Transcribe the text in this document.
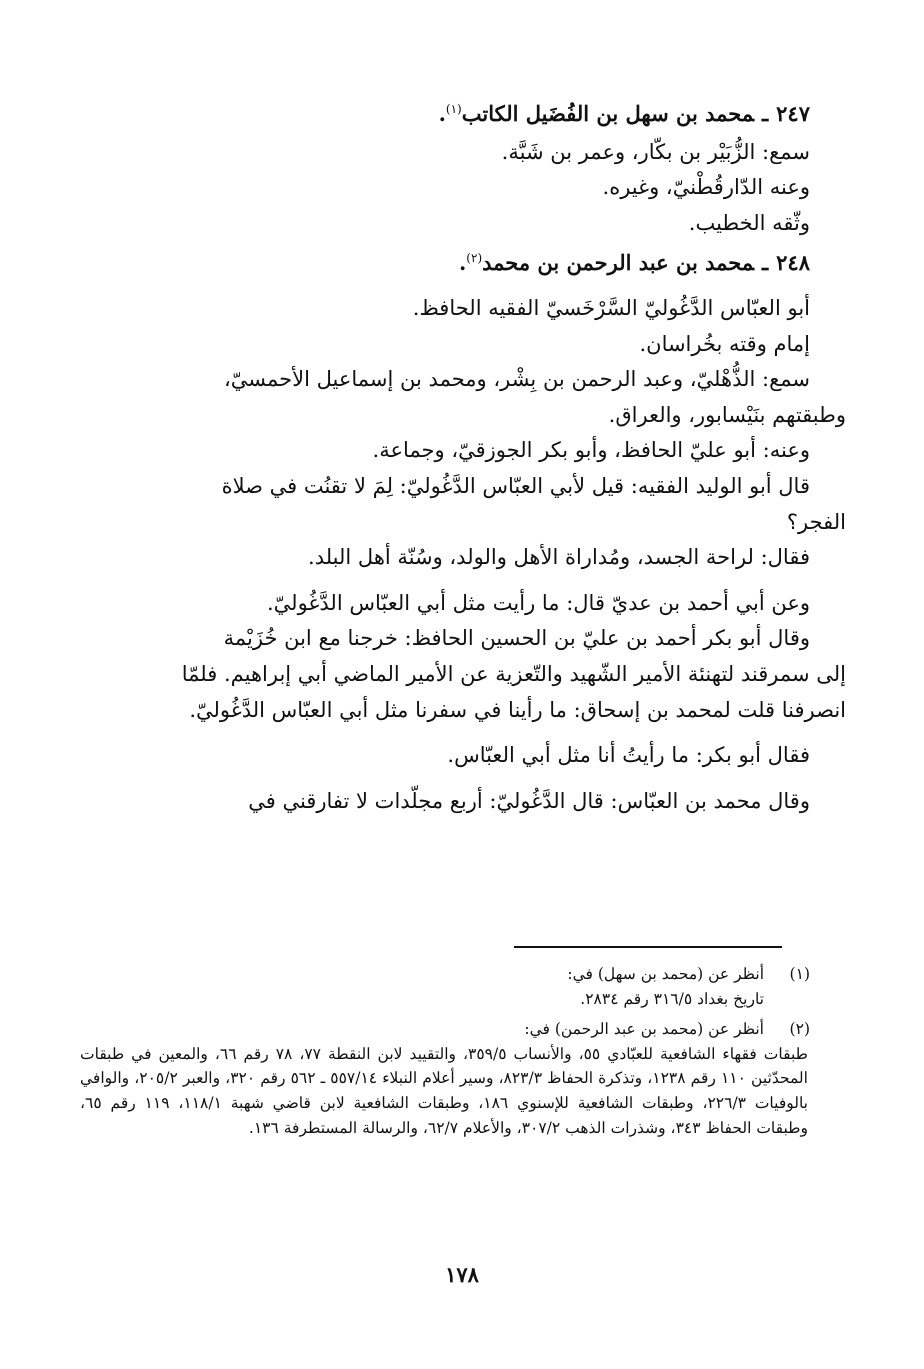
٢٤٧ـمحمد بن سهل بن الفُضَيل الكاتب$^{(١)}$.

سمع: الزُّبَيْر بن بكّار، وعمر بن شَبَّة.

وعنه الدّارقُطْنيّ، وغيره.

وثّقه الخطيب.

٢٤٨ـمحمد بن عبد الرحمن بن محمد$^{(٢)}$.

أبو العبّاس الدَّغُوليّ السَّرْخَسيّ الفقيه الحافظ.

إمام وقته بخُراسان.

سمع: الذُّهْليّ، وعبد الرحمن بن بِشْر، ومحمد بن إسماعيل الأحمسيّ،

وطبقتهم بنَيْسابور، والعراق.

وعنه: أبو عليّ الحافظ، وأبو بكر الجوزقيّ، وجماعة.

قال أبو الوليد الفقيه: قيل لأبي العبّاس الدَّغُوليّ: لِمَ لا تقنُت في صلاة

الفجر؟

فقال: لراحة الجسد، ومُداراة الأهل والولد، وسُنّة أهل البلد.

وعن أبي أحمد بن عديّ قال: ما رأيت مثل أبي العبّاس الدَّغُوليّ.

وقال أبو بكر أحمد بن عليّ بن الحسين الحافظ: خرجنا مع ابن خُزَيْمة

إلى سمرقند لتهنئة الأمير الشّهيد والتّعزية عن الأمير الماضي أبي إبراهيم. فلمّا

انصرفنا قلت لمحمد بن إسحاق: ما رأينا في سفرنا مثل أبي العبّاس الدَّغُوليّ.

فقال أبو بكر: ما رأيتُ أنا مثل أبي العبّاس.

وقال محمد بن العبّاس: قال الدَّغُوليّ: أربع مجلّدات لا تفارقني في

(١)
أنظر عن (محمد بن سهل) في:
تاريخ بغداد ٣١٦/٥ رقم ٢٨٣٤.
(٢)
أنظر عن (محمد بن عبد الرحمن) في:
طبقات فقهاء الشافعية للعبّادي ٥٥، والأنساب ٣٥٩/٥، والتقييد لابن النقطة ٧٧، ٧٨ رقم ٦٦، والمعين في طبقات المحدّثين ١١٠ رقم ١٢٣٨، وتذكرة الحفاظ ٨٢٣/٣، وسير أعلام النبلاء ٥٥٧/١٤ ـ ٥٦٢ رقم ٣٢٠، والعبر ٢٠٥/٢، والوافي بالوفيات ٢٢٦/٣، وطبقات الشافعية للإسنوي ١٨٦، وطبقات الشافعية لابن قاضي شهبة ١١٨/١، ١١٩ رقم ٦٥، وطبقات الحفاظ ٣٤٣، وشذرات الذهب ٣٠٧/٢، والأعلام ٦٢/٧، والرسالة المستطرفة ١٣٦.
١٧٨
